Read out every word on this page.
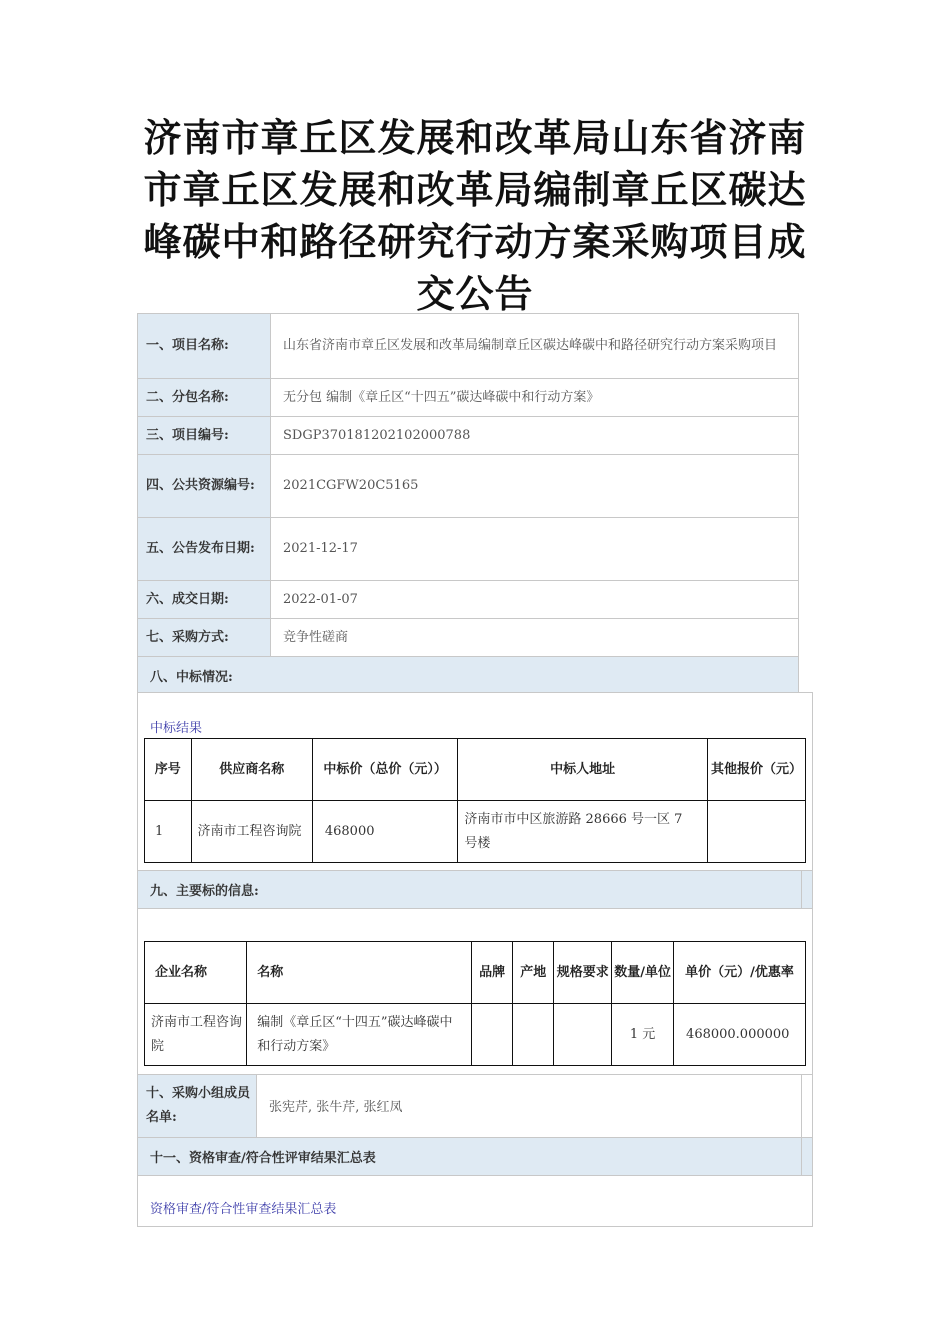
济南市章丘区发展和改革局山东省济南市章丘区发展和改革局编制章丘区碳达峰碳中和路径研究行动方案采购项目成交公告
一、项目名称:	山东省济南市章丘区发展和改革局编制章丘区碳达峰碳中和路径研究行动方案采购项目
二、分包名称:	无分包 编制《章丘区“十四五”碳达峰碳中和行动方案》
三、项目编号:	SDGP370181202102000788
四、公共资源编号:	2021CGFW20C5165
五、公告发布日期:	2021-12-17
六、成交日期:	2022-01-07
七、采购方式:	竞争性磋商
八、中标情况:	
中标结果
序号	供应商名称	中标价（总价（元））	中标人地址	其他报价（元）
1	济南市工程咨询院	468000	济南市市中区旅游路 28666 号一区 7 号楼	
九、主要标的信息:
企业名称	名称	品牌	产地	规格要求	数量/单位	单价（元）/优惠率
济南市工程咨询院	编制《章丘区“十四五”碳达峰碳中和行动方案》				1 元	468000.000000
十、采购小组成员名单:
张宪芹, 张牛芹, 张红凤
十一、资格审查/符合性评审结果汇总表
资格审查/符合性审查结果汇总表
